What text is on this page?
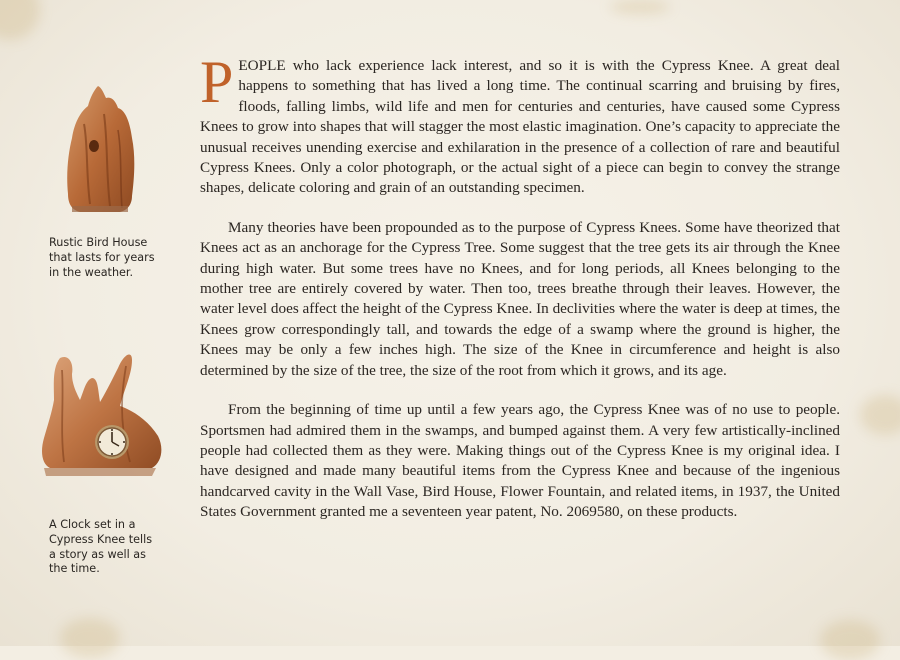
Rustic Bird House that lasts for years in the weather.

A Clock set in a Cypress Knee tells a story as well as the time.

PEOPLE who lack experience lack interest, and so it is with the Cypress Knee. A great deal happens to something that has lived a long time. The continual scarring and bruising by fires, floods, falling limbs, wild life and men for centuries and centuries, have caused some Cypress Knees to grow into shapes that will stagger the most elastic imagination. One’s capacity to appreciate the unusual receives unending exercise and exhilaration in the presence of a collection of rare and beautiful Cypress Knees. Only a color photograph, or the actual sight of a piece can begin to convey the strange shapes, delicate coloring and grain of an outstanding specimen.

Many theories have been propounded as to the purpose of Cypress Knees. Some have theorized that Knees act as an anchorage for the Cypress Tree. Some suggest that the tree gets its air through the Knee during high water. But some trees have no Knees, and for long periods, all Knees belonging to the mother tree are entirely covered by water. Then too, trees breathe through their leaves. However, the water level does affect the height of the Cypress Knee. In declivities where the water is deep at times, the Knees grow correspondingly tall, and towards the edge of a swamp where the ground is higher, the Knees may be only a few inches high. The size of the Knee in circumference and height is also determined by the size of the tree, the size of the root from which it grows, and its age.

From the beginning of time up until a few years ago, the Cypress Knee was of no use to people. Sportsmen had admired them in the swamps, and bumped against them. A very few artistically-inclined people had collected them as they were. Making things out of the Cypress Knee is my original idea. I have designed and made many beautiful items from the Cypress Knee and because of the ingenious handcarved cavity in the Wall Vase, Bird House, Flower Fountain, and related items, in 1937, the United States Government granted me a seventeen year patent, No. 2069580, on these products.
